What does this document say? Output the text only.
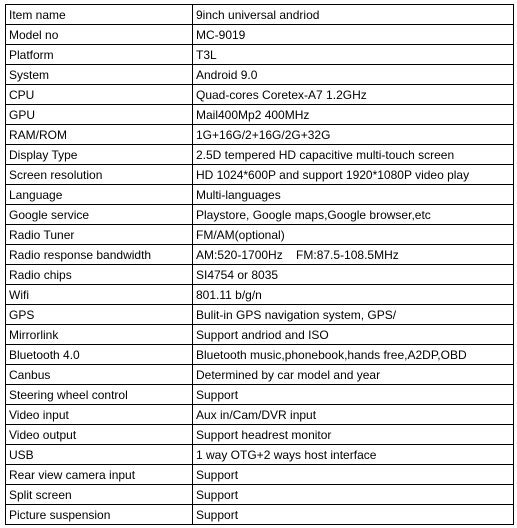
Item name	9inch universal andriod
Model no	MC-9019
Platform	T3L
System	Android 9.0
CPU	Quad-cores Coretex-A7 1.2GHz
GPU	Mail400Mp2 400MHz
RAM/ROM	1G+16G/2+16G/2G+32G
Display Type	2.5D tempered HD capacitive multi-touch screen
Screen resolution	HD 1024*600P and support 1920*1080P video play
Language	Multi-languages
Google service	Playstore, Google maps,Google browser,etc
Radio Tuner	FM/AM(optional)
Radio response bandwidth	AM:520-1700Hz    FM:87.5-108.5MHz
Radio chips	SI4754 or 8035
Wifi	801.11 b/g/n
GPS	Bulit-in GPS navigation system, GPS/
Mirrorlink	Support andriod and ISO
Bluetooth 4.0	Bluetooth music,phonebook,hands free,A2DP,OBD
Canbus	Determined by car model and year
Steering wheel control	Support
Video input	Aux in/Cam/DVR input
Video output	Support headrest monitor
USB	1 way OTG+2 ways host interface
Rear view camera input	Support
Split screen	Support
Picture suspension	Support
